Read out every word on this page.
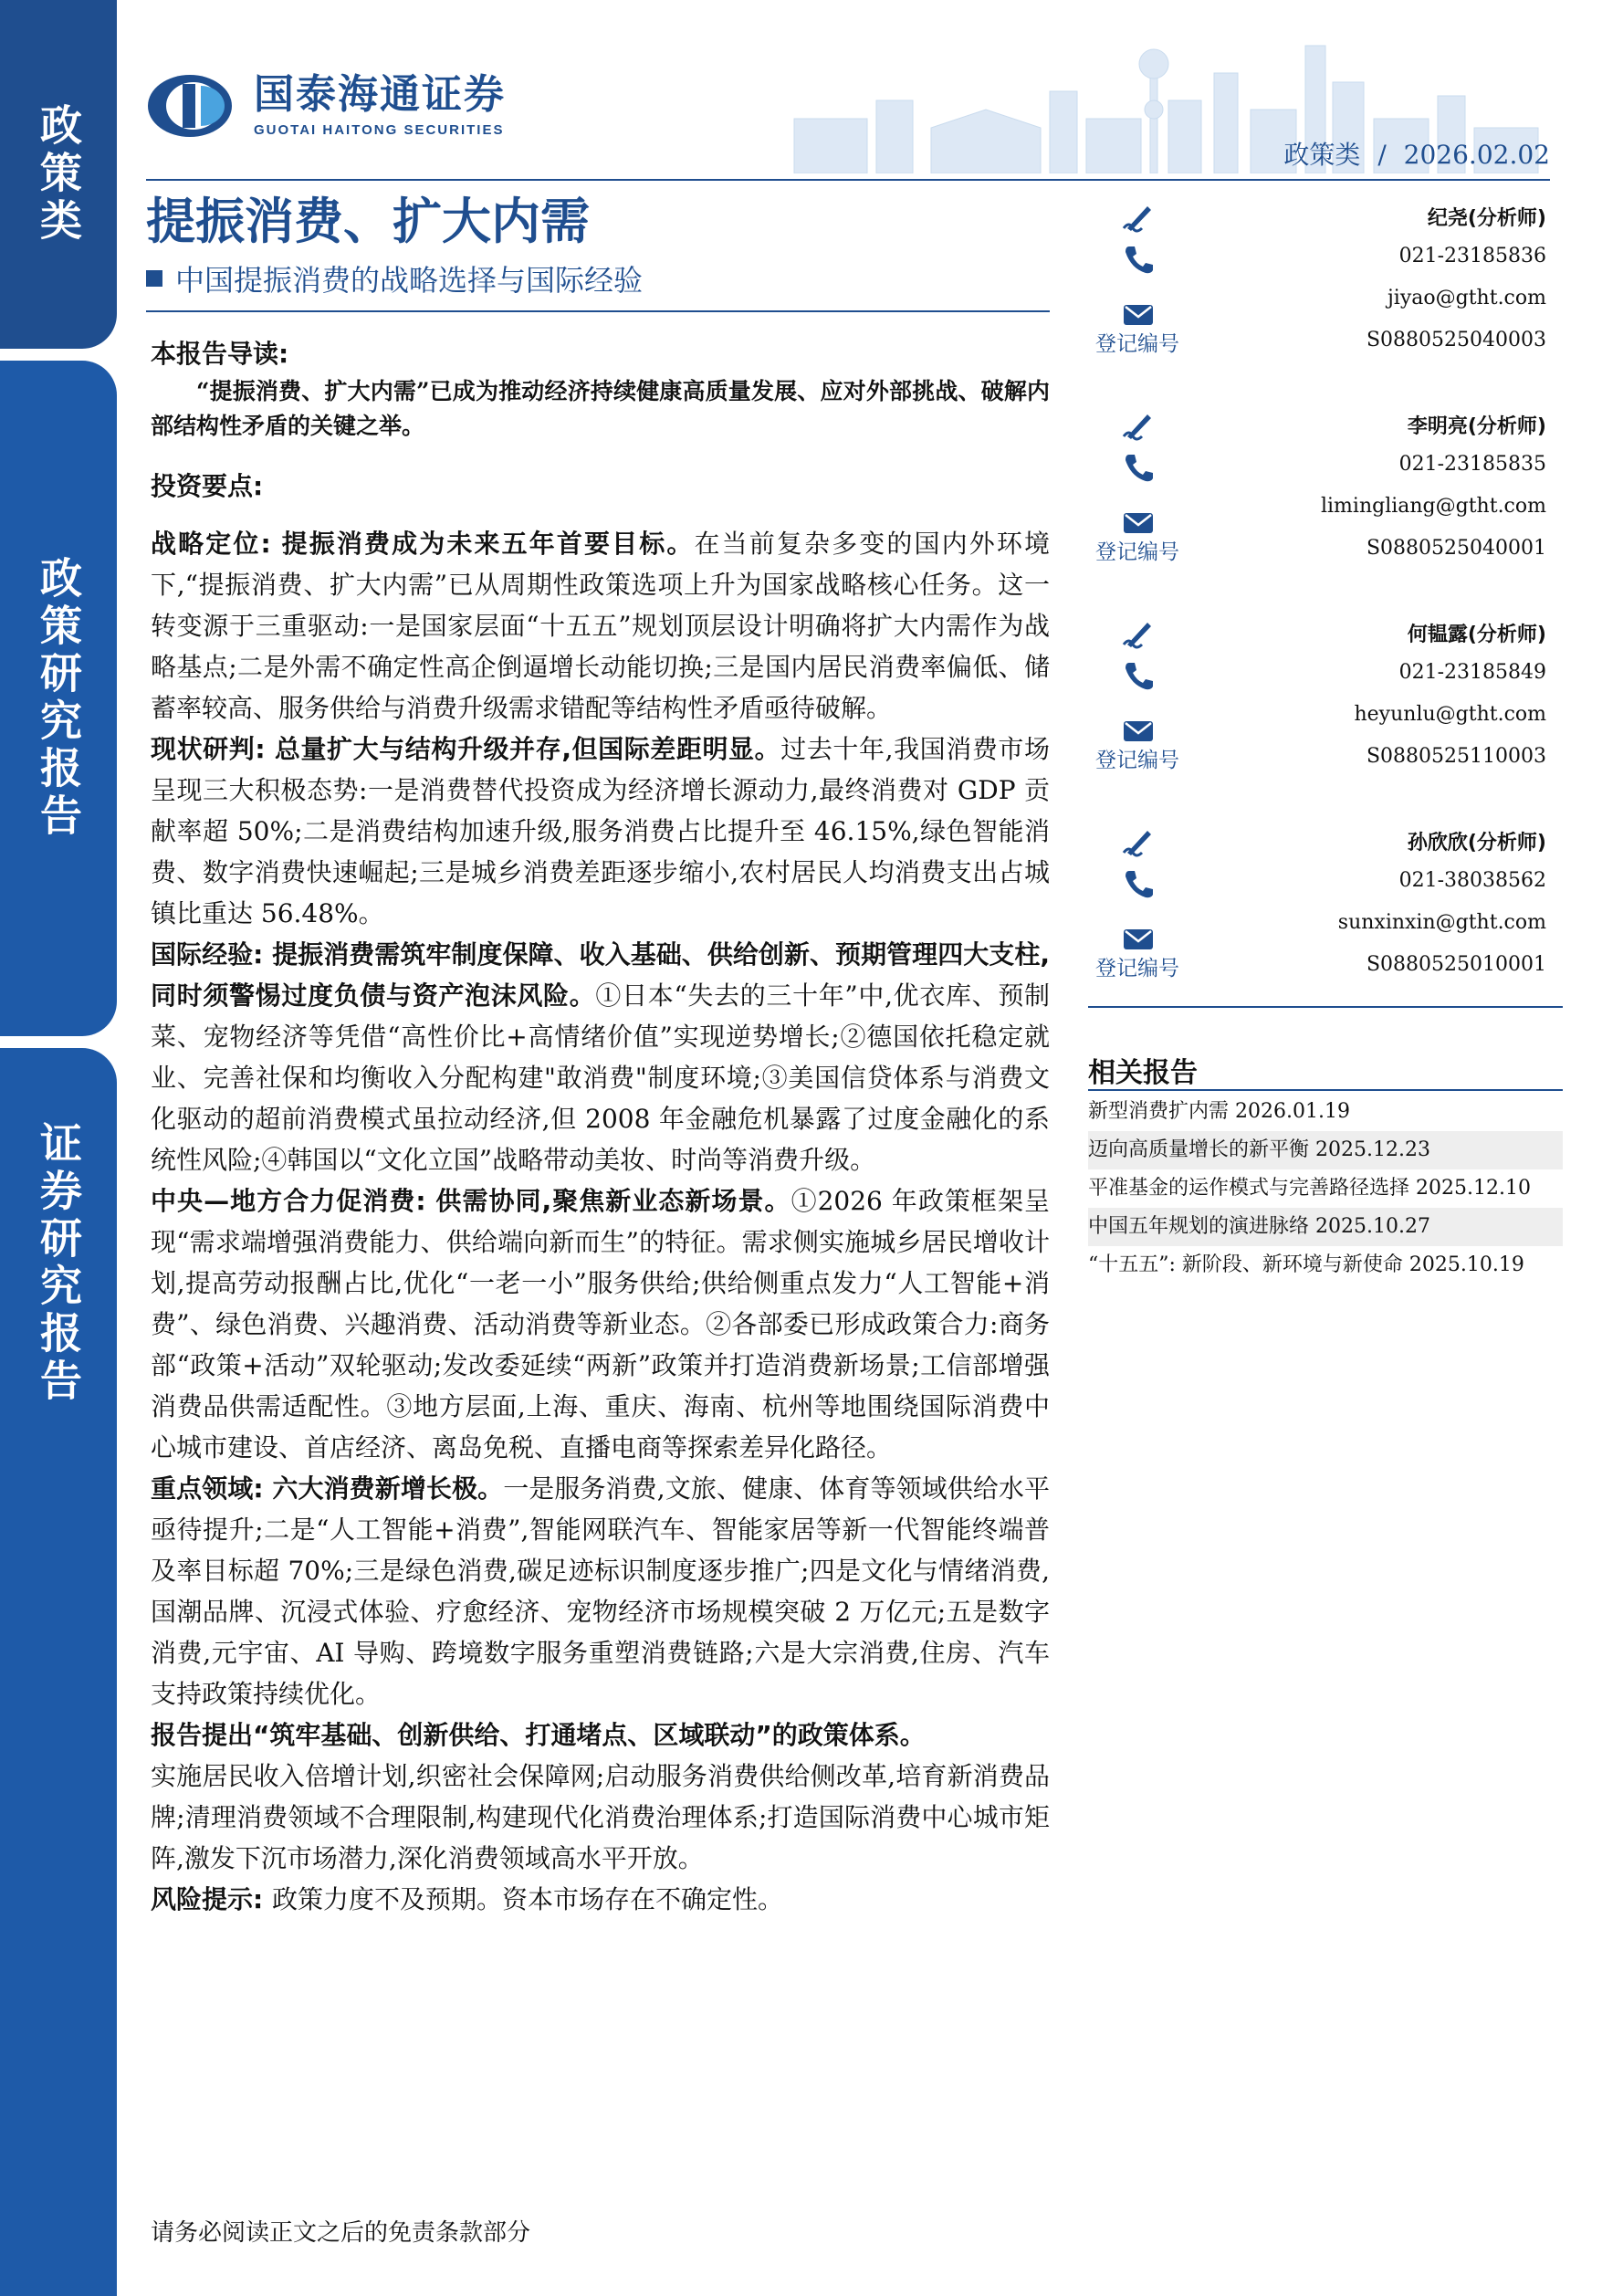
政策类
政策研究报告
证券研究报告
国泰海通证券
GUOTAI HAITONG SECURITIES
政策类 / 2026.02.02
提振消费、扩大内需
中国提振消费的战略选择与国际经验

本报告导读:

“提振消费、扩大内需”已成为推动经济持续健康高质量发展、应对外部挑战、破解内部结构性矛盾的关键之举。

投资要点:

战略定位: 提振消费成为未来五年首要目标。在当前复杂多变的国内外环境下,“提振消费、扩大内需”已从周期性政策选项上升为国家战略核心任务。这一转变源于三重驱动:一是国家层面“十五五”规划顶层设计明确将扩大内需作为战略基点;二是外需不确定性高企倒逼增长动能切换;三是国内居民消费率偏低、储蓄率较高、服务供给与消费升级需求错配等结构性矛盾亟待破解。

现状研判: 总量扩大与结构升级并存,但国际差距明显。过去十年,我国消费市场呈现三大积极态势:一是消费替代投资成为经济增长源动力,最终消费对 GDP 贡献率超 50%;二是消费结构加速升级,服务消费占比提升至 46.15%,绿色智能消费、数字消费快速崛起;三是城乡消费差距逐步缩小,农村居民人均消费支出占城镇比重达 56.48%。

国际经验: 提振消费需筑牢制度保障、收入基础、供给创新、预期管理四大支柱,同时须警惕过度负债与资产泡沫风险。①日本“失去的三十年”中,优衣库、预制菜、宠物经济等凭借“高性价比+高情绪价值”实现逆势增长;②德国依托稳定就业、完善社保和均衡收入分配构建"敢消费"制度环境;③美国信贷体系与消费文化驱动的超前消费模式虽拉动经济,但 2008 年金融危机暴露了过度金融化的系统性风险;④韩国以“文化立国”战略带动美妆、时尚等消费升级。

中央—地方合力促消费: 供需协同,聚焦新业态新场景。①2026 年政策框架呈现“需求端增强消费能力、供给端向新而生”的特征。需求侧实施城乡居民增收计划,提高劳动报酬占比,优化“一老一小”服务供给;供给侧重点发力“人工智能+消费”、绿色消费、兴趣消费、活动消费等新业态。②各部委已形成政策合力:商务部“政策+活动”双轮驱动;发改委延续“两新”政策并打造消费新场景;工信部增强消费品供需适配性。③地方层面,上海、重庆、海南、杭州等地围绕国际消费中心城市建设、首店经济、离岛免税、直播电商等探索差异化路径。

重点领域: 六大消费新增长极。一是服务消费,文旅、健康、体育等领域供给水平亟待提升;二是“人工智能+消费”,智能网联汽车、智能家居等新一代智能终端普及率目标超 70%;三是绿色消费,碳足迹标识制度逐步推广;四是文化与情绪消费,国潮品牌、沉浸式体验、疗愈经济、宠物经济市场规模突破 2 万亿元;五是数字消费,元宇宙、AI 导购、跨境数字服务重塑消费链路;六是大宗消费,住房、汽车支持政策持续优化。

报告提出“筑牢基础、创新供给、打通堵点、区域联动”的政策体系。
实施居民收入倍增计划,织密社会保障网;启动服务消费供给侧改革,培育新消费品牌;清理消费领域不合理限制,构建现代化消费治理体系;打造国际消费中心城市矩阵,激发下沉市场潜力,深化消费领域高水平开放。

风险提示: 政策力度不及预期。资本市场存在不确定性。

请务必阅读正文之后的免责条款部分
纪尧(分析师)
021-23185836
jiyao@gtht.com
S0880525040003
登记编号
李明亮(分析师)
021-23185835
limingliang@gtht.com
S0880525040001
登记编号
何韫露(分析师)
021-23185849
heyunlu@gtht.com
S0880525110003
登记编号
孙欣欣(分析师)
021-38038562
sunxinxin@gtht.com
S0880525010001
登记编号
相关报告
新型消费扩内需 2026.01.19
迈向高质量增长的新平衡 2025.12.23
平准基金的运作模式与完善路径选择 2025.12.10
中国五年规划的演进脉络 2025.10.27
“十五五”: 新阶段、新环境与新使命 2025.10.19
